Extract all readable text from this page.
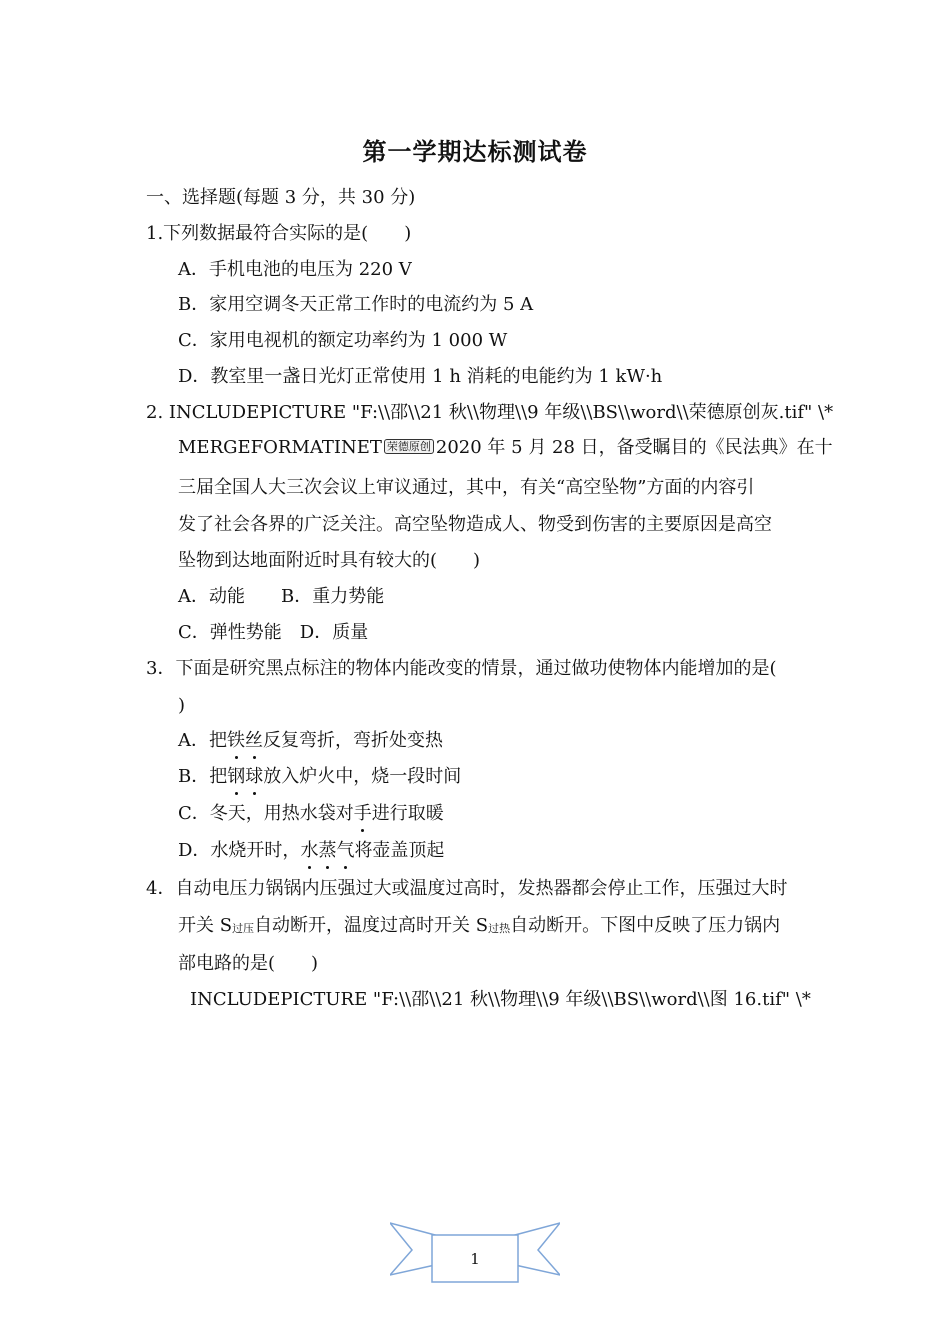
第一学期达标测试卷
一、选择题(每题 3 分，共 30 分)
1.下列数据最符合实际的是(　　)
A．手机电池的电压为 220 V
B．家用空调冬天正常工作时的电流约为 5 A
C．家用电视机的额定功率约为 1 000 W
D．教室里一盏日光灯正常使用 1 h 消耗的电能约为 1 kW·h
2. INCLUDEPICTURE "F:\\邵\\21 秋\\物理\\9 年级\\BS\\word\\荣德原创灰.tif" \*
MERGEFORMATINET 荣德原创 2020 年 5 月 28 日，备受瞩目的《民法典》在十
三届全国人大三次会议上审议通过，其中，有关“高空坠物”方面的内容引
发了社会各界的广泛关注。高空坠物造成人、物受到伤害的主要原因是高空
坠物到达地面附近时具有较大的(　　)
A．动能　　B．重力势能
C．弹性势能　D．质量
3．下面是研究黑点标注的物体内能改变的情景，通过做功使物体内能增加的是(
)
A．把铁丝反复弯折，弯折处变热
B．把钢球放入炉火中，烧一段时间
C．冬天，用热水袋对手进行取暖
D．水烧开时，水蒸气将壶盖顶起
4．自动电压力锅锅内压强过大或温度过高时，发热器都会停止工作，压强过大时
开关 S过压自动断开，温度过高时开关 S过热自动断开。下图中反映了压力锅内
部电路的是(　　)
INCLUDEPICTURE "F:\\邵\\21 秋\\物理\\9 年级\\BS\\word\\图 16.tif" \*
1
